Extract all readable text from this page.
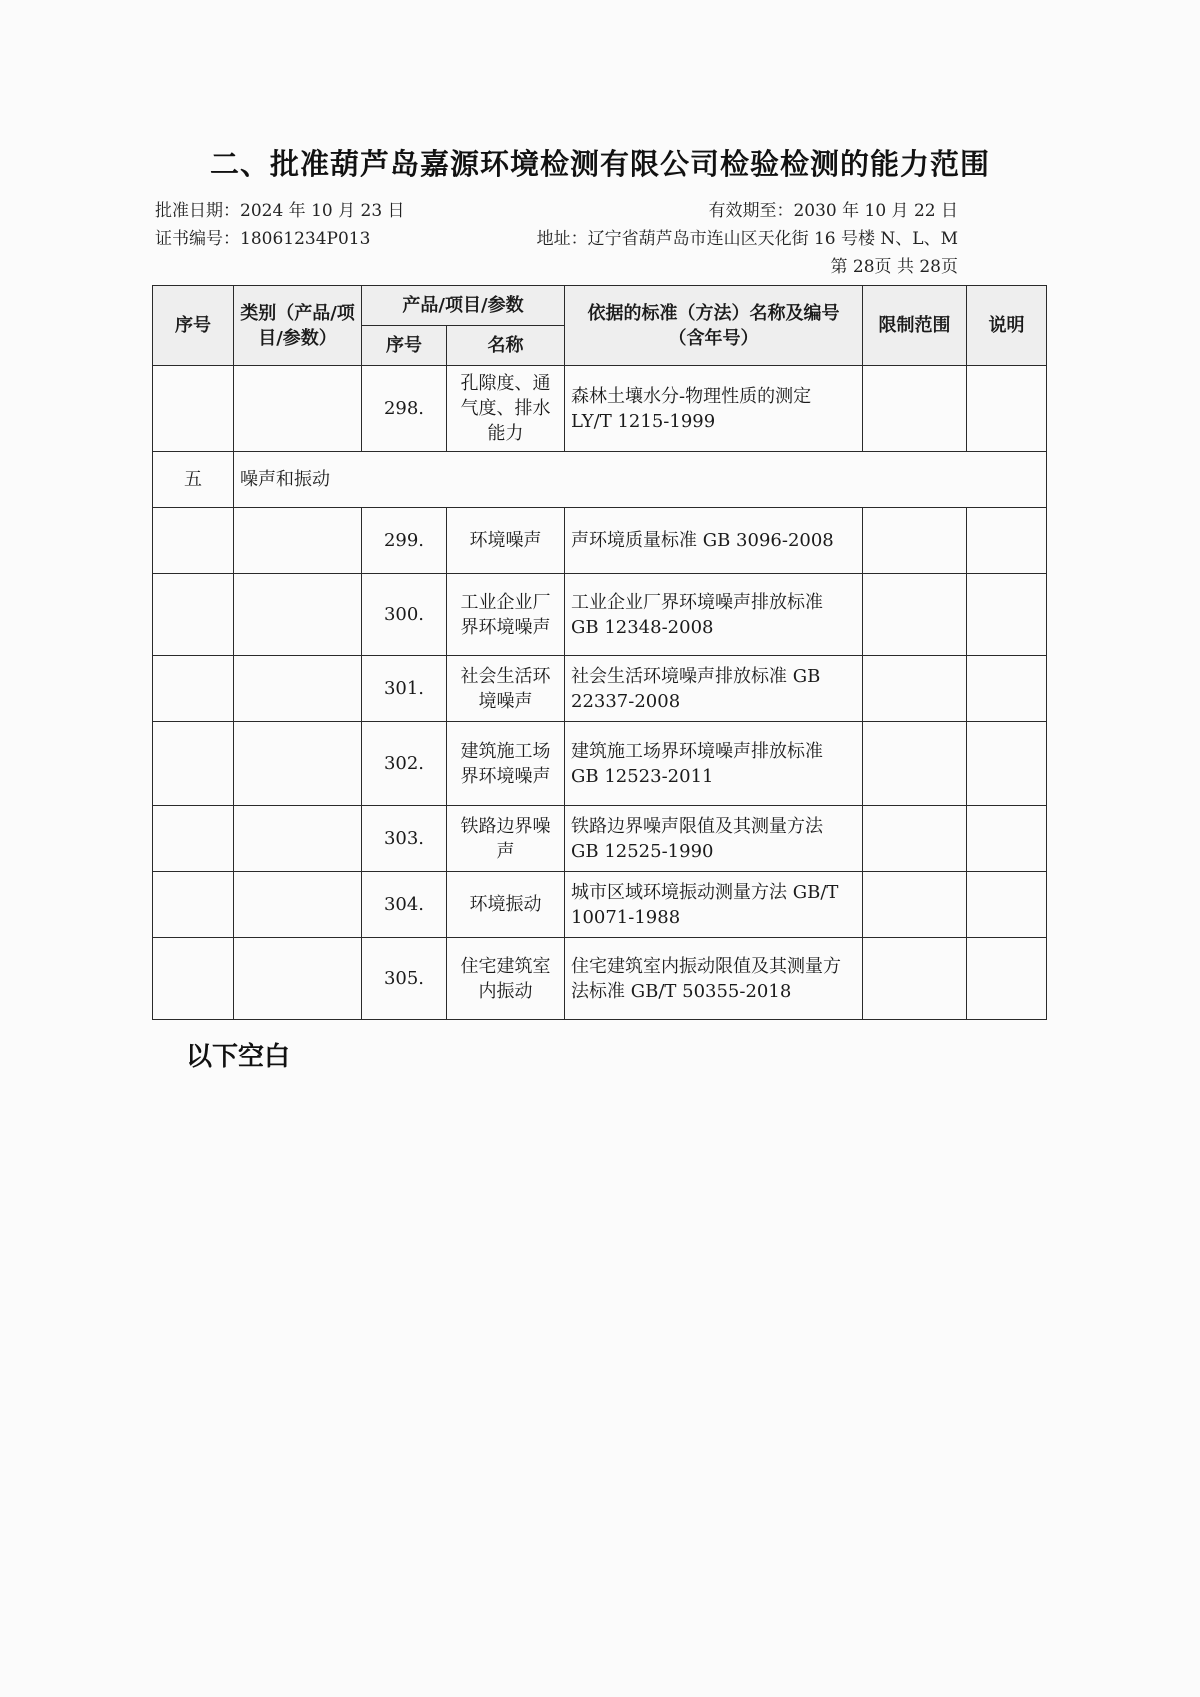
二、批准葫芦岛嘉源环境检测有限公司检验检测的能力范围
批准日期：2024 年 10 月 23 日	有效期至：2030 年 10 月 22 日
证书编号：18061234P013	地址：辽宁省葫芦岛市连山区天化街 16 号楼 N、L、M
第 28页 共 28页
序号	类别（产品/项目/参数）	产品/项目/参数		依据的标准（方法）名称及编号（含年号）	限制范围	说明
		序号	名称			
		298.	孔隙度、通气度、排水能力	森林土壤水分-物理性质的测定 LY/T 1215-1999		
五	噪声和振动					
		299.	环境噪声	声环境质量标准 GB 3096-2008		
		300.	工业企业厂界环境噪声	工业企业厂界环境噪声排放标准 GB 12348-2008		
		301.	社会生活环境噪声	社会生活环境噪声排放标准 GB 22337-2008		
		302.	建筑施工场界环境噪声	建筑施工场界环境噪声排放标准 GB 12523-2011		
		303.	铁路边界噪声	铁路边界噪声限值及其测量方法 GB 12525-1990		
		304.	环境振动	城市区域环境振动测量方法 GB/T 10071-1988		
		305.	住宅建筑室内振动	住宅建筑室内振动限值及其测量方法标准 GB/T 50355-2018		
以下空白
